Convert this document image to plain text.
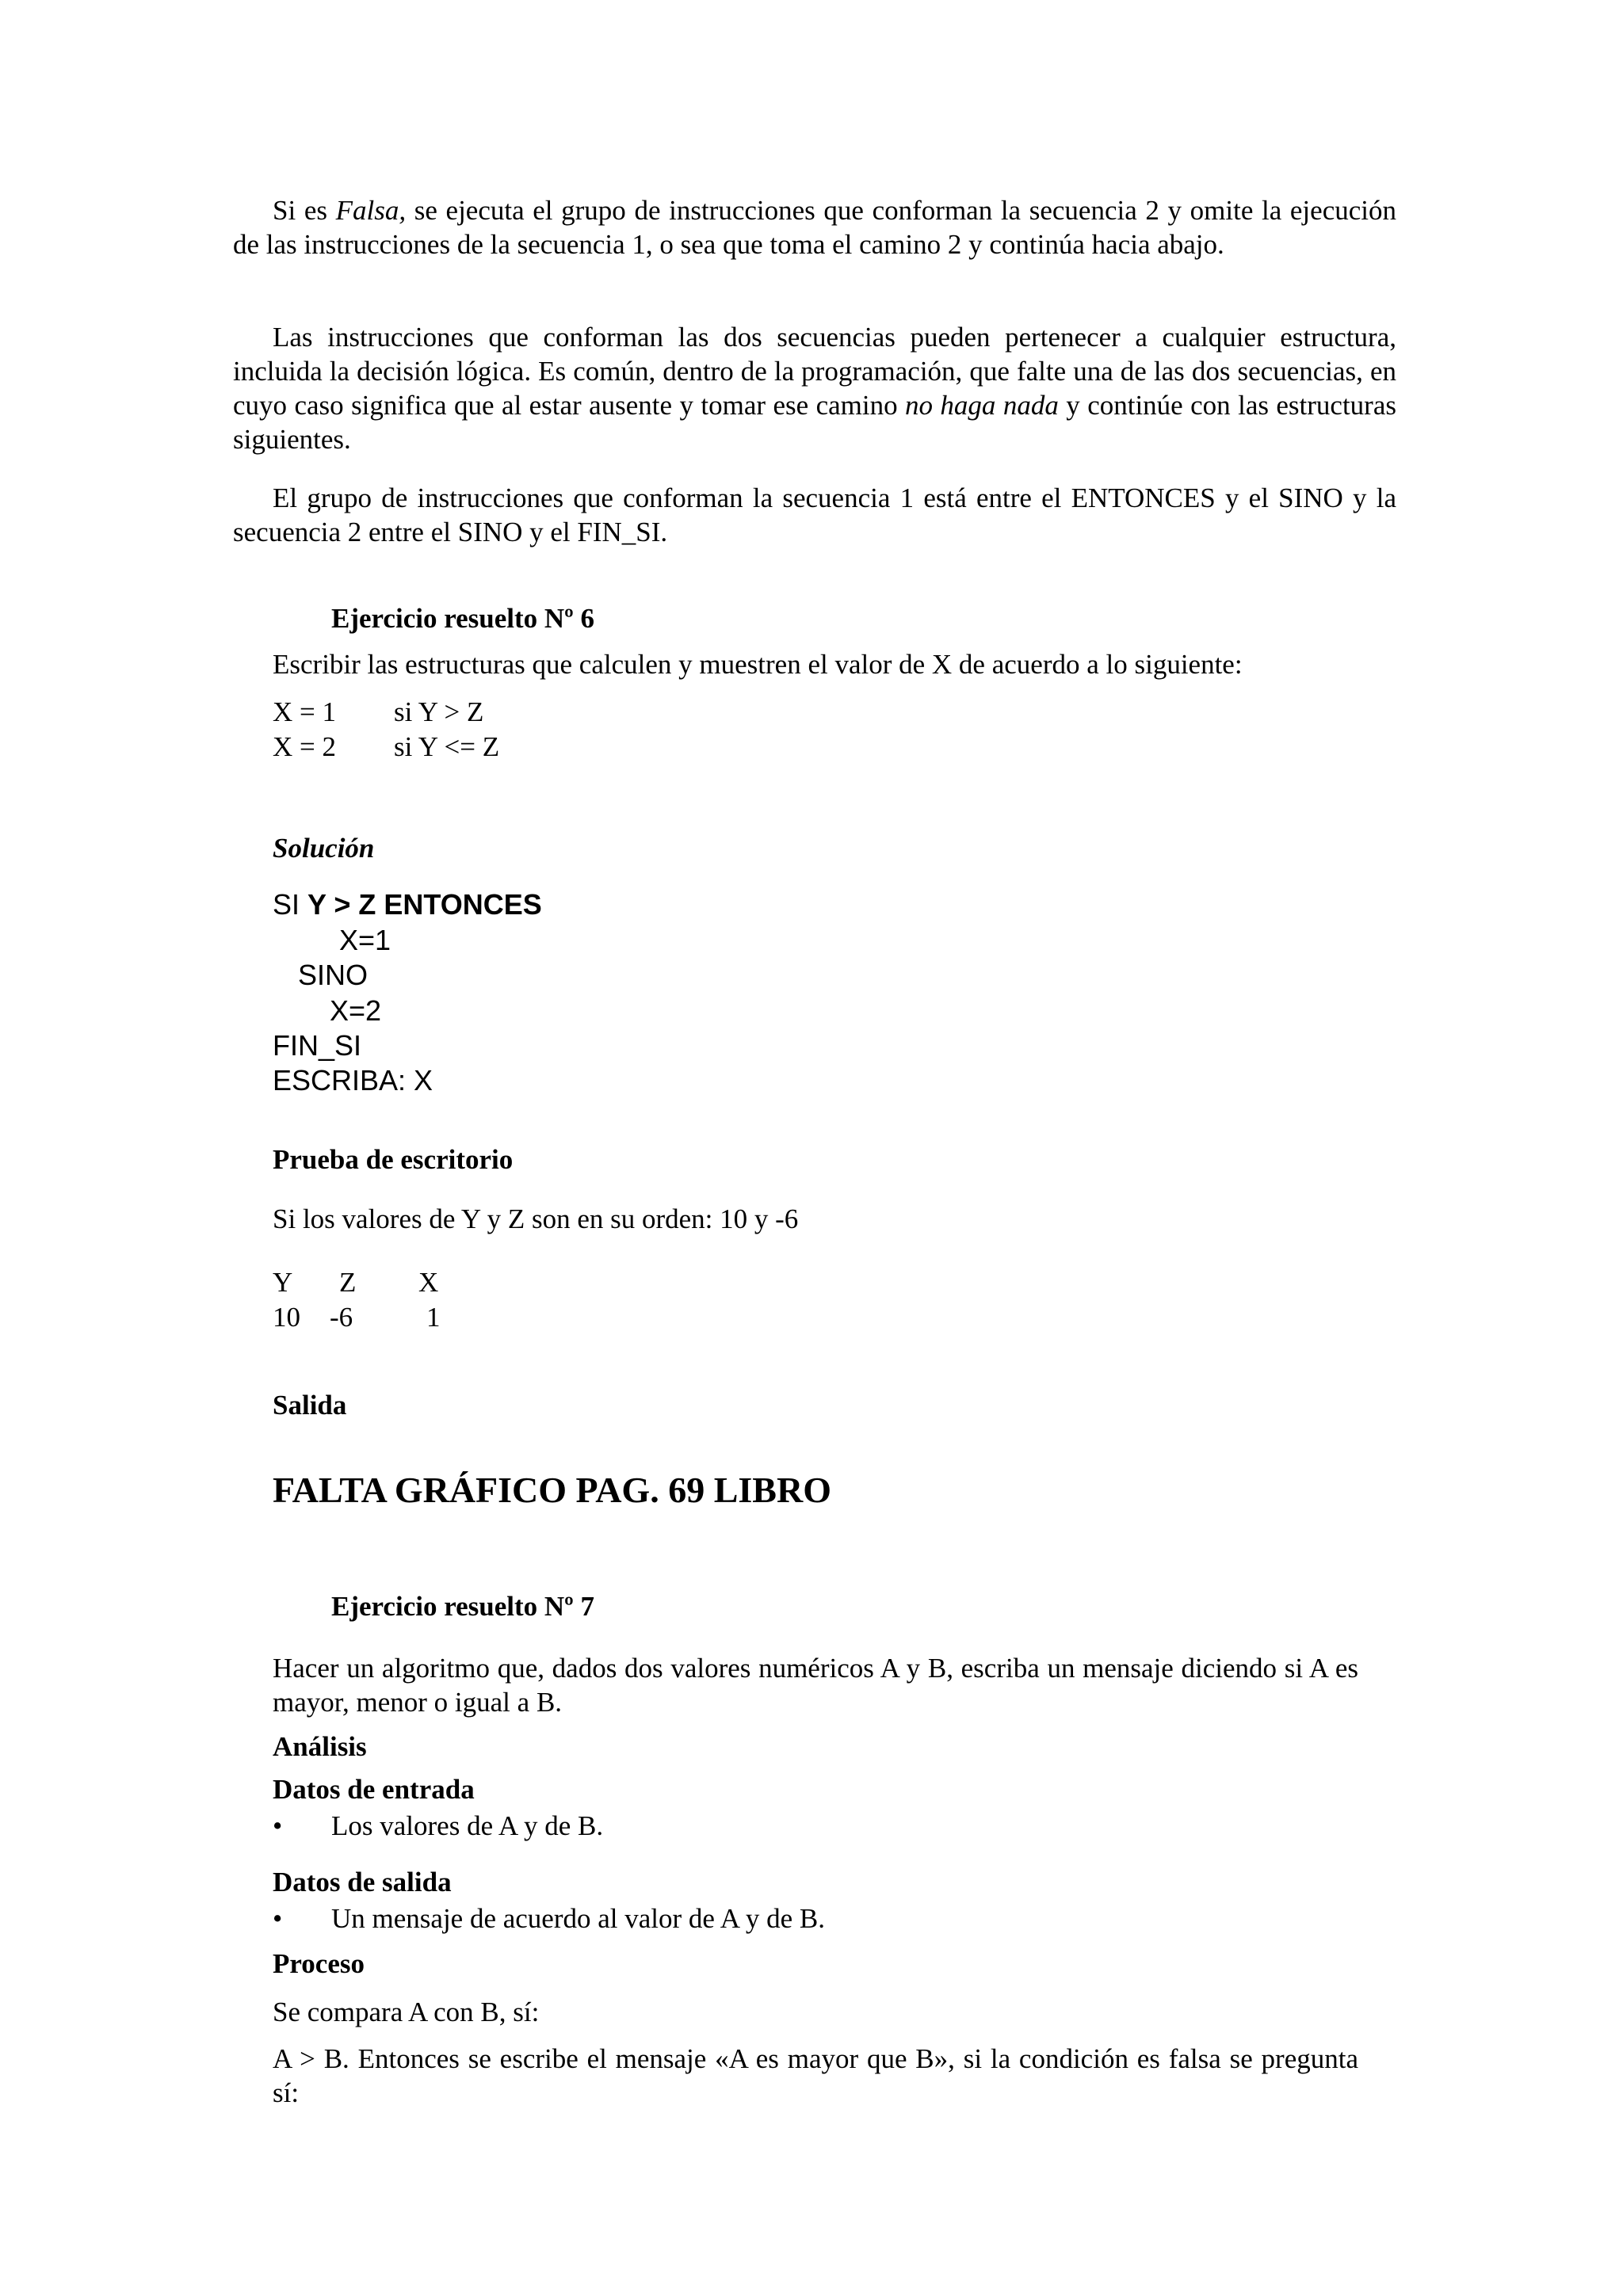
Si es Falsa, se ejecuta el grupo de instrucciones que conforman la secuencia 2 y omite la ejecución de las instrucciones de la secuencia 1, o sea que toma el camino 2 y continúa hacia abajo.

Las instrucciones que conforman las dos secuencias pueden pertenecer a cualquier estructura, incluida la decisión lógica. Es común, dentro de la programación, que falte una de las dos secuencias, en cuyo caso significa que al estar ausente y tomar ese camino no haga nada y continúe con las estructuras siguientes.

El grupo de instrucciones que conforman la secuencia 1 está entre el ENTONCES y el SINO y la secuencia 2 entre el SINO y el FIN_SI.

Ejercicio resuelto Nº 6
Escribir las estructuras que calculen y muestren el valor de X de acuerdo a lo siguiente:
X = 1 si Y > Z
X = 2 si Y <= Z
Solución
SI Y > Z ENTONCES
X=1
SINO
X=2
FIN_SI
ESCRIBA: X
Prueba de escritorio
Si los valores de Y y Z son en su orden: 10 y -6
Y Z X
10 -6	1
Salida
FALTA GRÁFICO PAG. 69 LIBRO
Ejercicio resuelto Nº 7

Hacer un algoritmo que, dados dos valores numéricos A y B, escriba un mensaje diciendo si A es mayor, menor o igual a B.

Análisis
Datos de entrada
• Los valores de A y de B.
Datos de salida
• Un mensaje de acuerdo al valor de A y de B.
Proceso
Se compara A con B, sí:

A > B. Entonces se escribe el mensaje «A es mayor que B», si la condición es falsa se pregunta sí:
